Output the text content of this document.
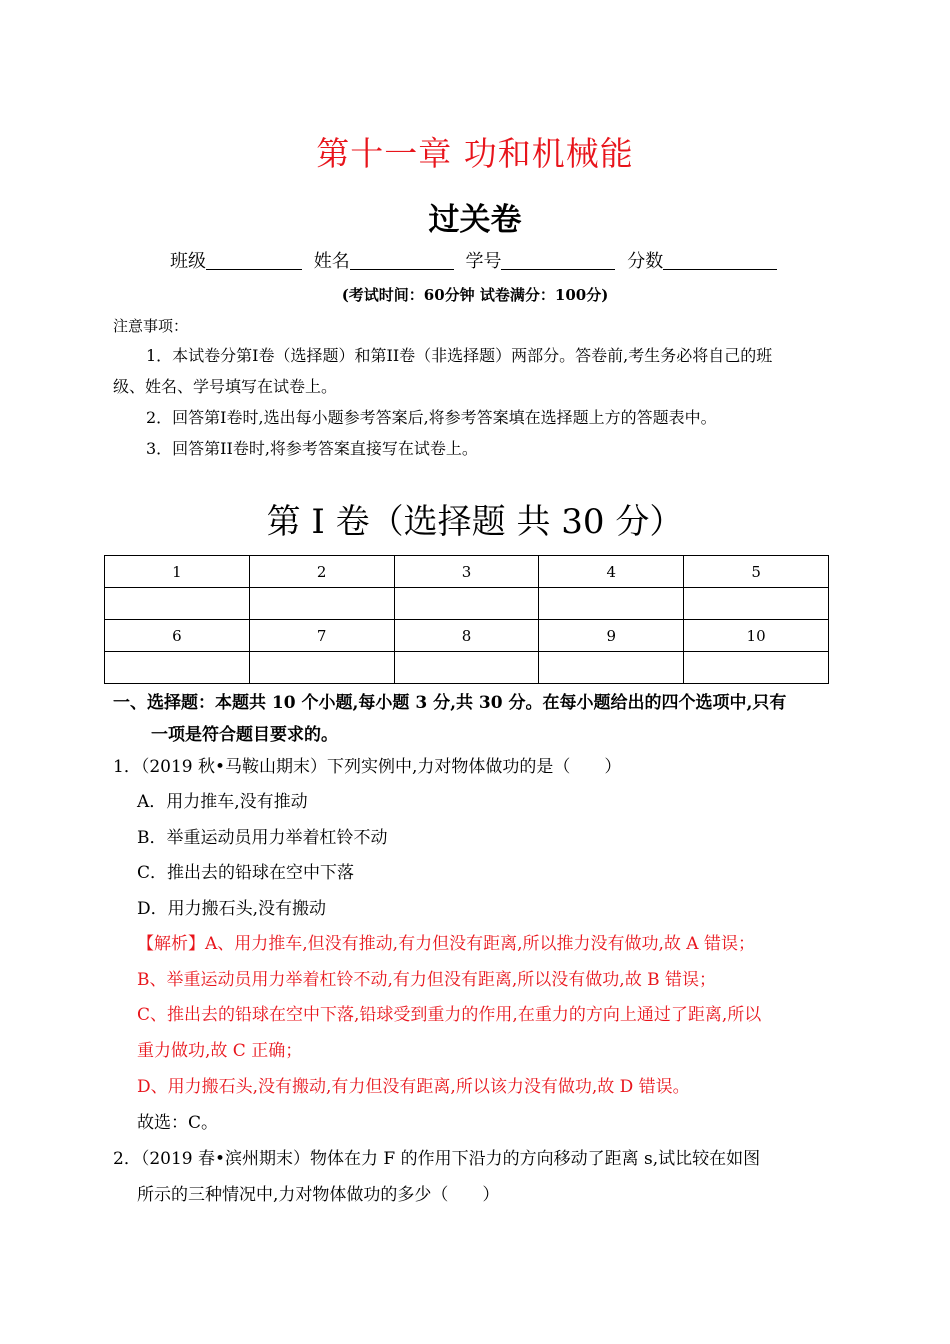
第十一章 功和机械能
过关卷
班级	姓名	学号	分数
(考试时间：60分钟 试卷满分：100分)
注意事项：
1．本试卷分第I卷（选择题）和第II卷（非选择题）两部分。答卷前,考生务必将自己的班
级、姓名、学号填写在试卷上。
2．回答第I卷时,选出每小题参考答案后,将参考答案填在选择题上方的答题表中。
3．回答第II卷时,将参考答案直接写在试卷上。
第 I 卷（选择题 共 30 分）
1	2	3	4	5

6	7	8	9	10

一、选择题：本题共 10 个小题,每小题 3 分,共 30 分。在每小题给出的四个选项中,只有
一项是符合题目要求的。
1．（2019 秋•马鞍山期末）下列实例中,力对物体做功的是（　　）
A．用力推车,没有推动
B．举重运动员用力举着杠铃不动
C．推出去的铅球在空中下落
D．用力搬石头,没有搬动
【解析】A、用力推车,但没有推动,有力但没有距离,所以推力没有做功,故 A 错误；
B、举重运动员用力举着杠铃不动,有力但没有距离,所以没有做功,故 B 错误；
C、推出去的铅球在空中下落,铅球受到重力的作用,在重力的方向上通过了距离,所以
重力做功,故 C 正确；
D、用力搬石头,没有搬动,有力但没有距离,所以该力没有做功,故 D 错误。
故选：C。
2．（2019 春•滨州期末）物体在力 F 的作用下沿力的方向移动了距离 s,试比较在如图
所示的三种情况中,力对物体做功的多少（　　）
